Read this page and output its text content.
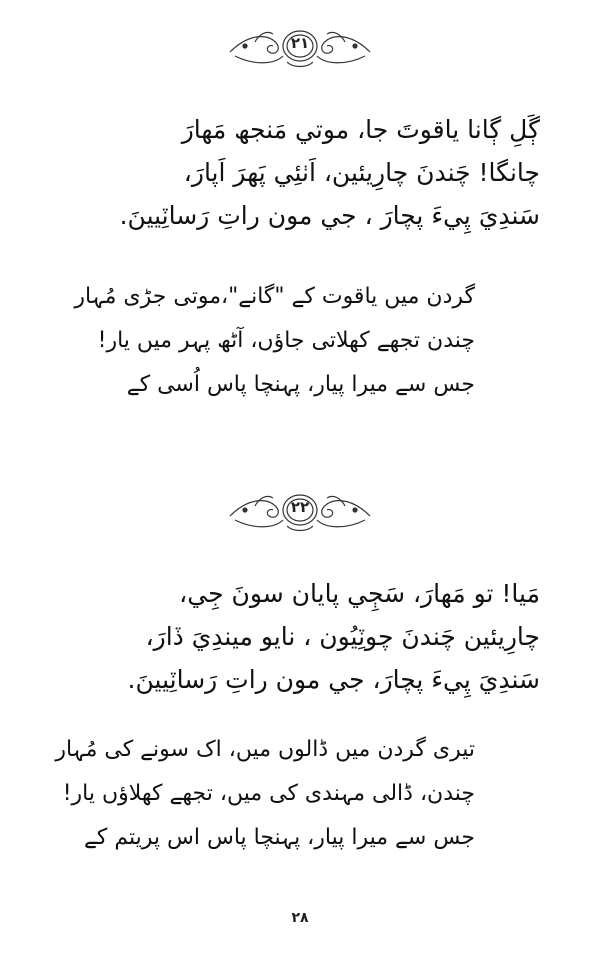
۲۱
ڳَلِ ڳانا ياقوتَ جا، موتي مَنجھ مَھارَ
چانگا! چَندنَ چارِيئين، اَٺئِي پَھرَ اَپارَ،
سَندِيَ پِيءَ پچارَ ، جي مون راتِ رَساٽِيينَ.
گردن میں یاقوت کے "گانے"،موتی جڑی مُہار
چندن تجھے کھلاتی جاؤں، آٹھ پہر میں یار!
جس سے میرا پیار، پہنچا پاس اُسی کے
۲۲
مَيا! تو مَھارَ، سَڄِي پايان سونَ جِي،
چارِيئين چَندنَ چوٽِيُون ، نايو ميندِيَ ڏارَ،
سَندِيَ پِيءَ پچارَ، جي مون راتِ رَساٽِيينَ.
تیری گردن میں ڈالوں میں، اک سونے کی مُہار
چندن، ڈالی مہندی کی میں، تجھے کھلاؤں یار!
جس سے میرا پیار، پہنچا پاس اس پریتم کے
۲۸
